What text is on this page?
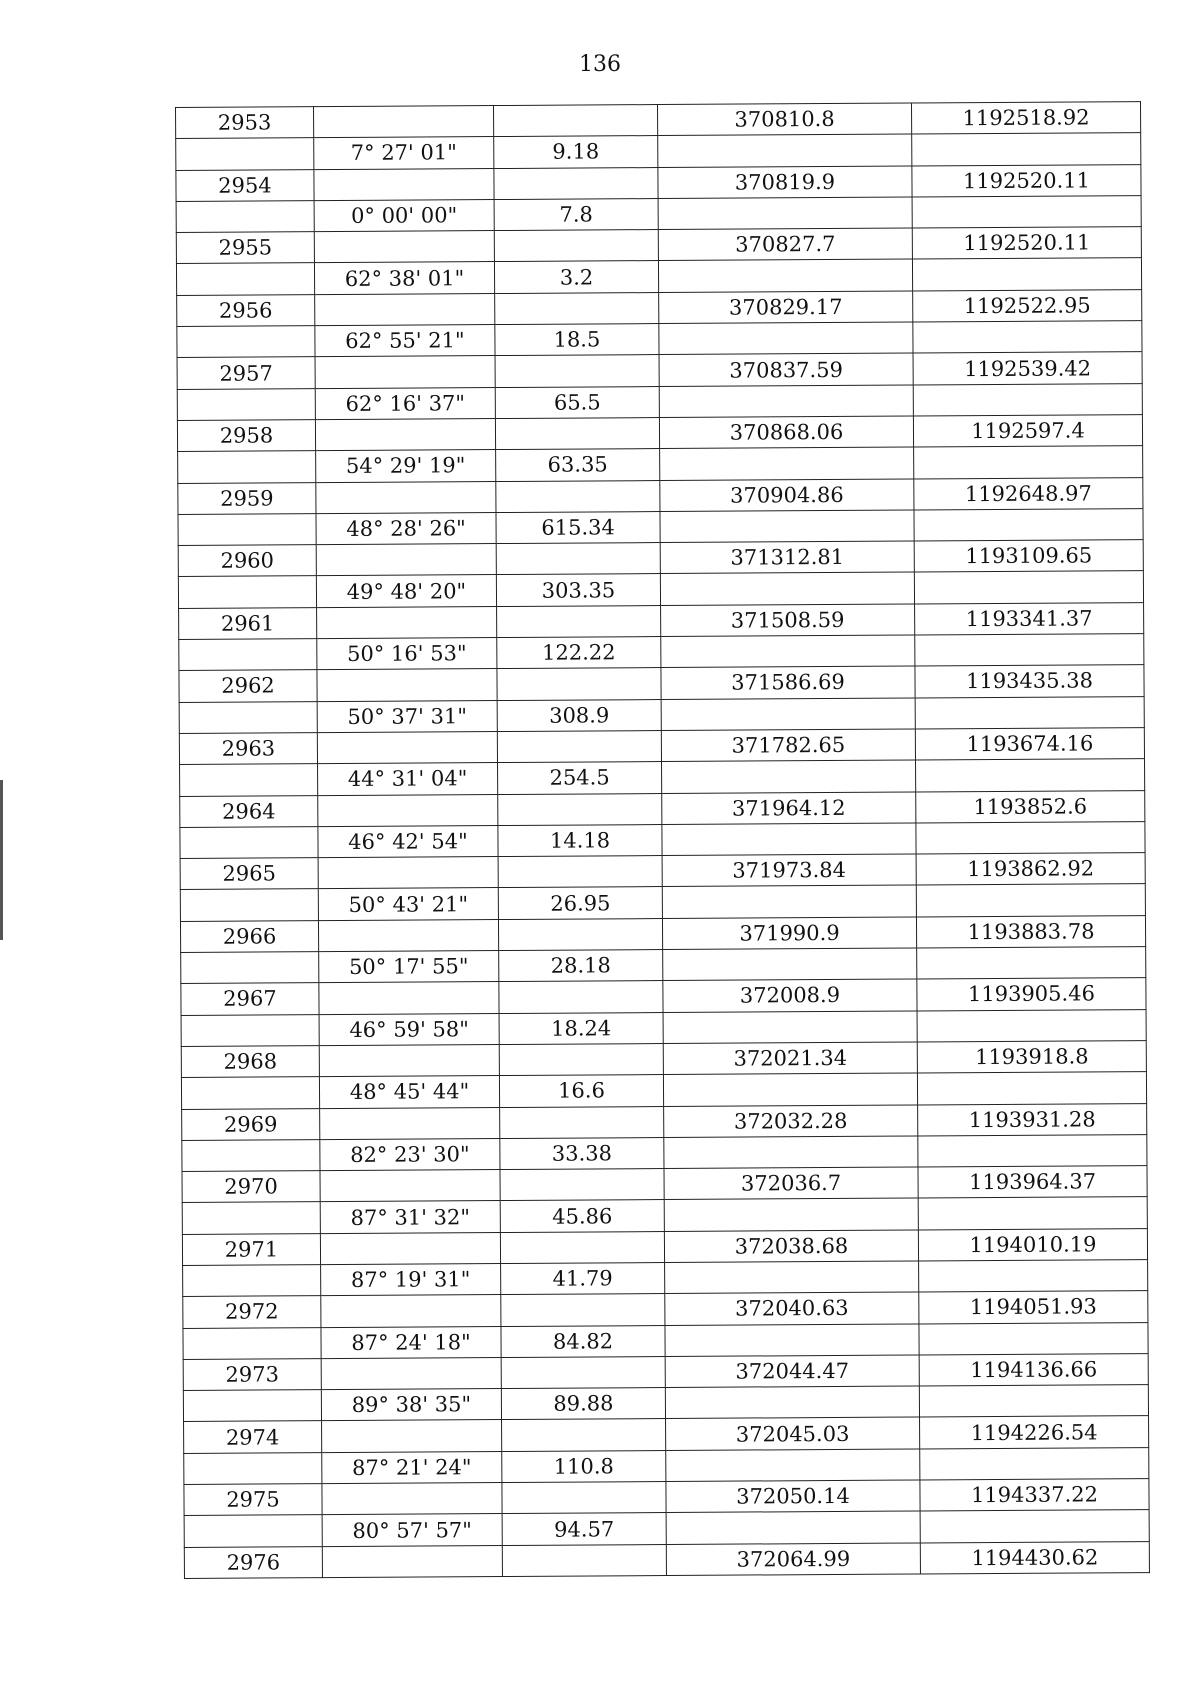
136
2953			370810.8	1192518.92
	7° 27' 01"	9.18		
2954			370819.9	1192520.11
	0° 00' 00"	7.8		
2955			370827.7	1192520.11
	62° 38' 01"	3.2		
2956			370829.17	1192522.95
	62° 55' 21"	18.5		
2957			370837.59	1192539.42
	62° 16' 37"	65.5		
2958			370868.06	1192597.4
	54° 29' 19"	63.35		
2959			370904.86	1192648.97
	48° 28' 26"	615.34		
2960			371312.81	1193109.65
	49° 48' 20"	303.35		
2961			371508.59	1193341.37
	50° 16' 53"	122.22		
2962			371586.69	1193435.38
	50° 37' 31"	308.9		
2963			371782.65	1193674.16
	44° 31' 04"	254.5		
2964			371964.12	1193852.6
	46° 42' 54"	14.18		
2965			371973.84	1193862.92
	50° 43' 21"	26.95		
2966			371990.9	1193883.78
	50° 17' 55"	28.18		
2967			372008.9	1193905.46
	46° 59' 58"	18.24		
2968			372021.34	1193918.8
	48° 45' 44"	16.6		
2969			372032.28	1193931.28
	82° 23' 30"	33.38		
2970			372036.7	1193964.37
	87° 31' 32"	45.86		
2971			372038.68	1194010.19
	87° 19' 31"	41.79		
2972			372040.63	1194051.93
	87° 24' 18"	84.82		
2973			372044.47	1194136.66
	89° 38' 35"	89.88		
2974			372045.03	1194226.54
	87° 21' 24"	110.8		
2975			372050.14	1194337.22
	80° 57' 57"	94.57		
2976			372064.99	1194430.62
